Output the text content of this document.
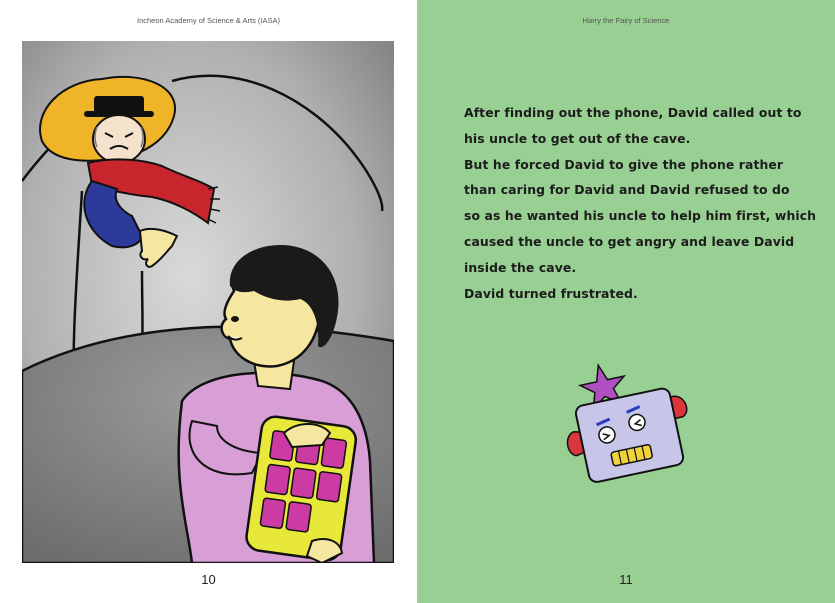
Incheon Academy of Science & Arts (IASA)
10
Harry the Fairy of Science

After finding out the phone, David called out to

his uncle to get out of the cave.

But he forced David to give the phone rather

than caring for David and David refused to do

so as he wanted his uncle to help him first, which

caused the uncle to get angry and leave David

inside the cave.

David turned frustrated.

11
